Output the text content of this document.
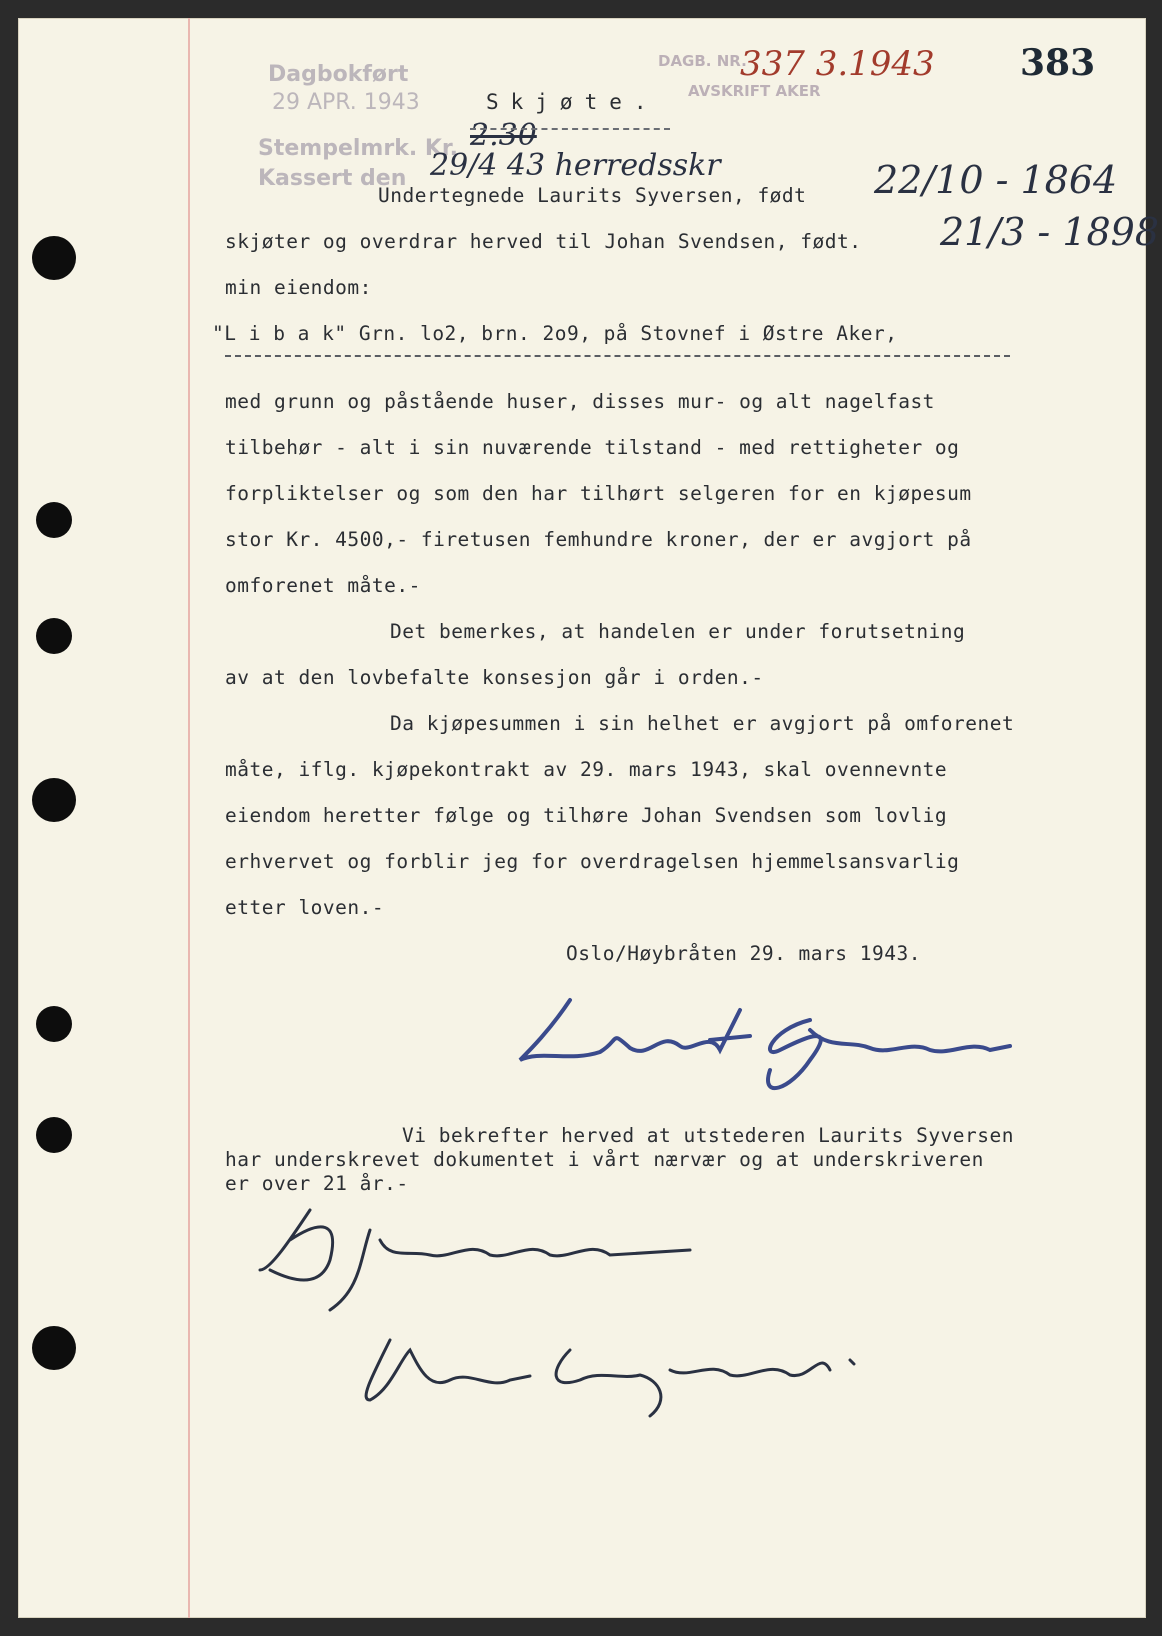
Dagbokført
29 APR. 1943
Stempelmrk. Kr.
Kassert den
DAGB. NR.
AVSKRIFT AKER
383
337 3.1943
2.30
29/4 43 herredsskr	22/10 - 1864
21/3 - 1898
Skjøte.
Undertegnede Laurits Syversen, født
skjøter og overdrar herved til Johan Svendsen, født.
min eiendom:
"L i b a k" Grn. lo2, brn. 2o9, på Stovnef i Østre Aker,
med grunn og påstående huser, disses mur- og alt nagelfast
tilbehør - alt i sin nuværende tilstand - med rettigheter og
forpliktelser og som den har tilhørt selgeren for en kjøpesum
stor Kr. 4500,- firetusen femhundre kroner, der er avgjort på
omforenet måte.-
Det bemerkes, at handelen er under forutsetning
av at den lovbefalte konsesjon går i orden.-
Da kjøpesummen i sin helhet er avgjort på omforenet
måte, iflg. kjøpekontrakt av 29. mars 1943, skal ovennevnte
eiendom heretter følge og tilhøre Johan Svendsen som lovlig
erhvervet og forblir jeg for overdragelsen hjemmelsansvarlig
etter loven.-
Oslo/Høybråten 29. mars 1943.
Vi bekrefter herved at utstederen Laurits Syversen
har underskrevet dokumentet i vårt nærvær og at underskriveren
er over 21 år.-
